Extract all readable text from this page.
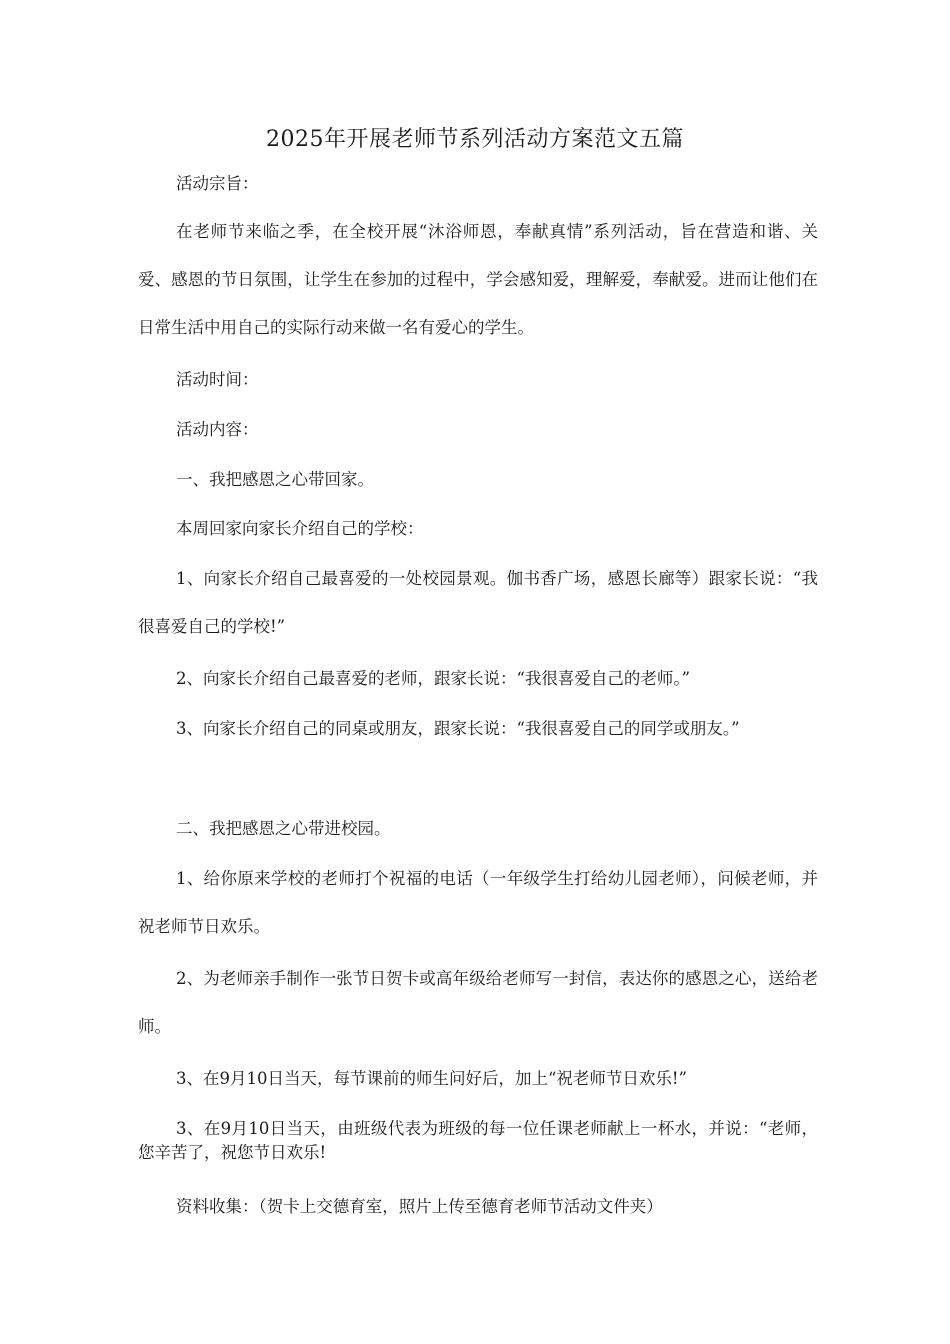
2025年开展老师节系列活动方案范文五篇

活动宗旨：

在老师节来临之季，在全校开展“沐浴师恩，奉献真情”系列活动，旨在营造和谐、关爱、感恩的节日氛围，让学生在参加的过程中，学会感知爱，理解爱，奉献爱。进而让他们在日常生活中用自己的实际行动来做一名有爱心的学生。

活动时间：

活动内容：

一、我把感恩之心带回家。

本周回家向家长介绍自己的学校：

1、向家长介绍自己最喜爱的一处校园景观。伽书香广场，感恩长廊等）跟家长说：“我很喜爱自己的学校!”

2、向家长介绍自己最喜爱的老师，跟家长说：“我很喜爱自己的老师。”

3、向家长介绍自己的同桌或朋友，跟家长说：“我很喜爱自己的同学或朋友。”

二、我把感恩之心带进校园。

1、给你原来学校的老师打个祝福的电话（一年级学生打给幼儿园老师），问候老师，并祝老师节日欢乐。

2、为老师亲手制作一张节日贺卡或高年级给老师写一封信，表达你的感恩之心，送给老师。

3、在9月10日当天，每节课前的师生问好后，加上“祝老师节日欢乐!”

3、在9月10日当天，由班级代表为班级的每一位任课老师献上一杯水，并说：“老师，您辛苦了，祝您节日欢乐!

资料收集：（贺卡上交德育室，照片上传至德育老师节活动文件夹）
